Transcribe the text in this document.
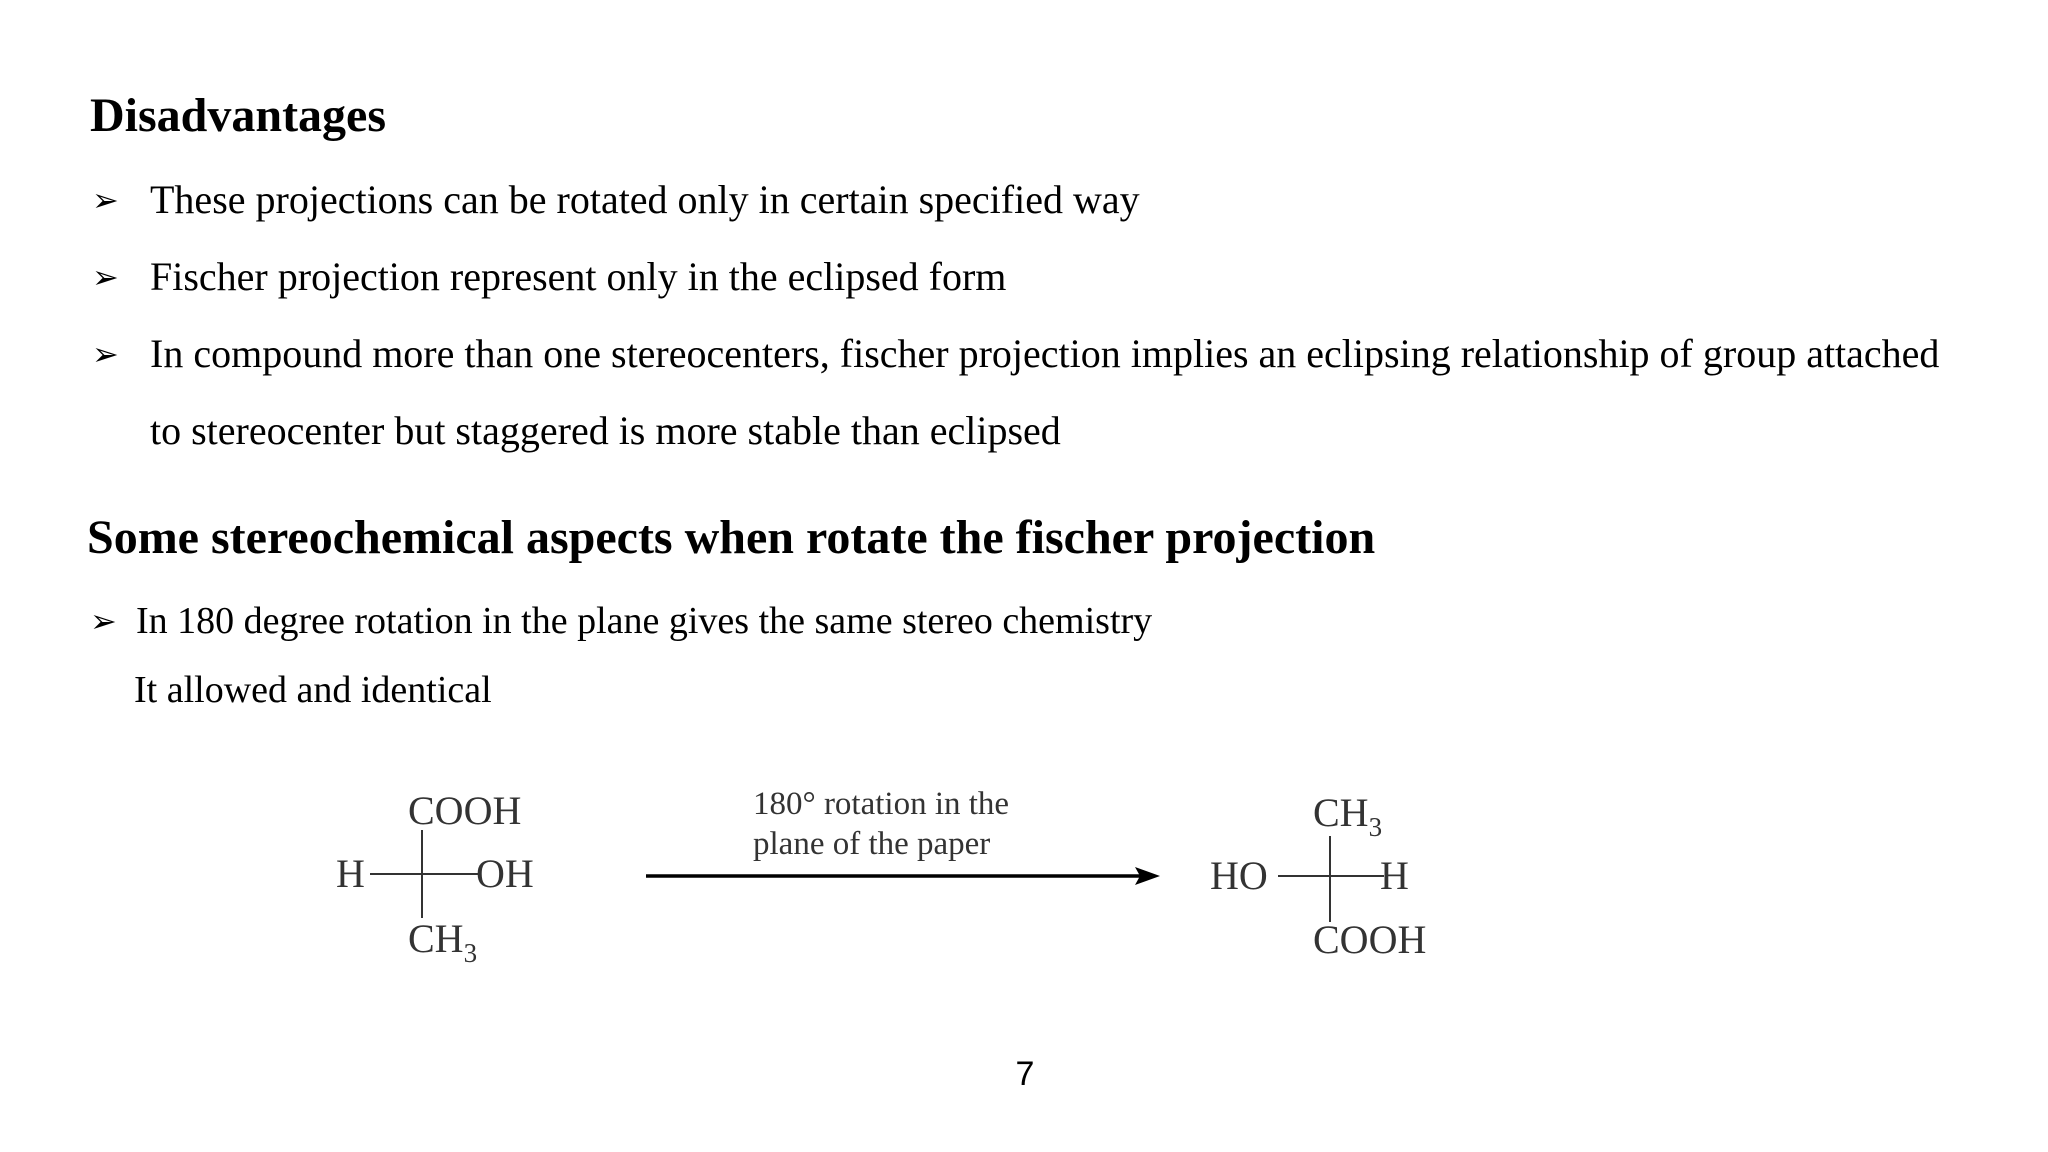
Disadvantages
➢ These projections can be rotated only in certain specified way
➢ Fischer projection represent only in the eclipsed form
➢ In compound more than one stereocenters, fischer projection implies an eclipsing relationship of group attached
to stereocenter but staggered is more stable than eclipsed
Some stereochemical aspects when rotate the fischer projection
➢ In 180 degree rotation in the plane gives the same stereo chemistry
It allowed and identical
COOH
H	OH
$CH_3$
180° rotation in the
plane of the paper
$CH_3$
HO	H
COOH
7
